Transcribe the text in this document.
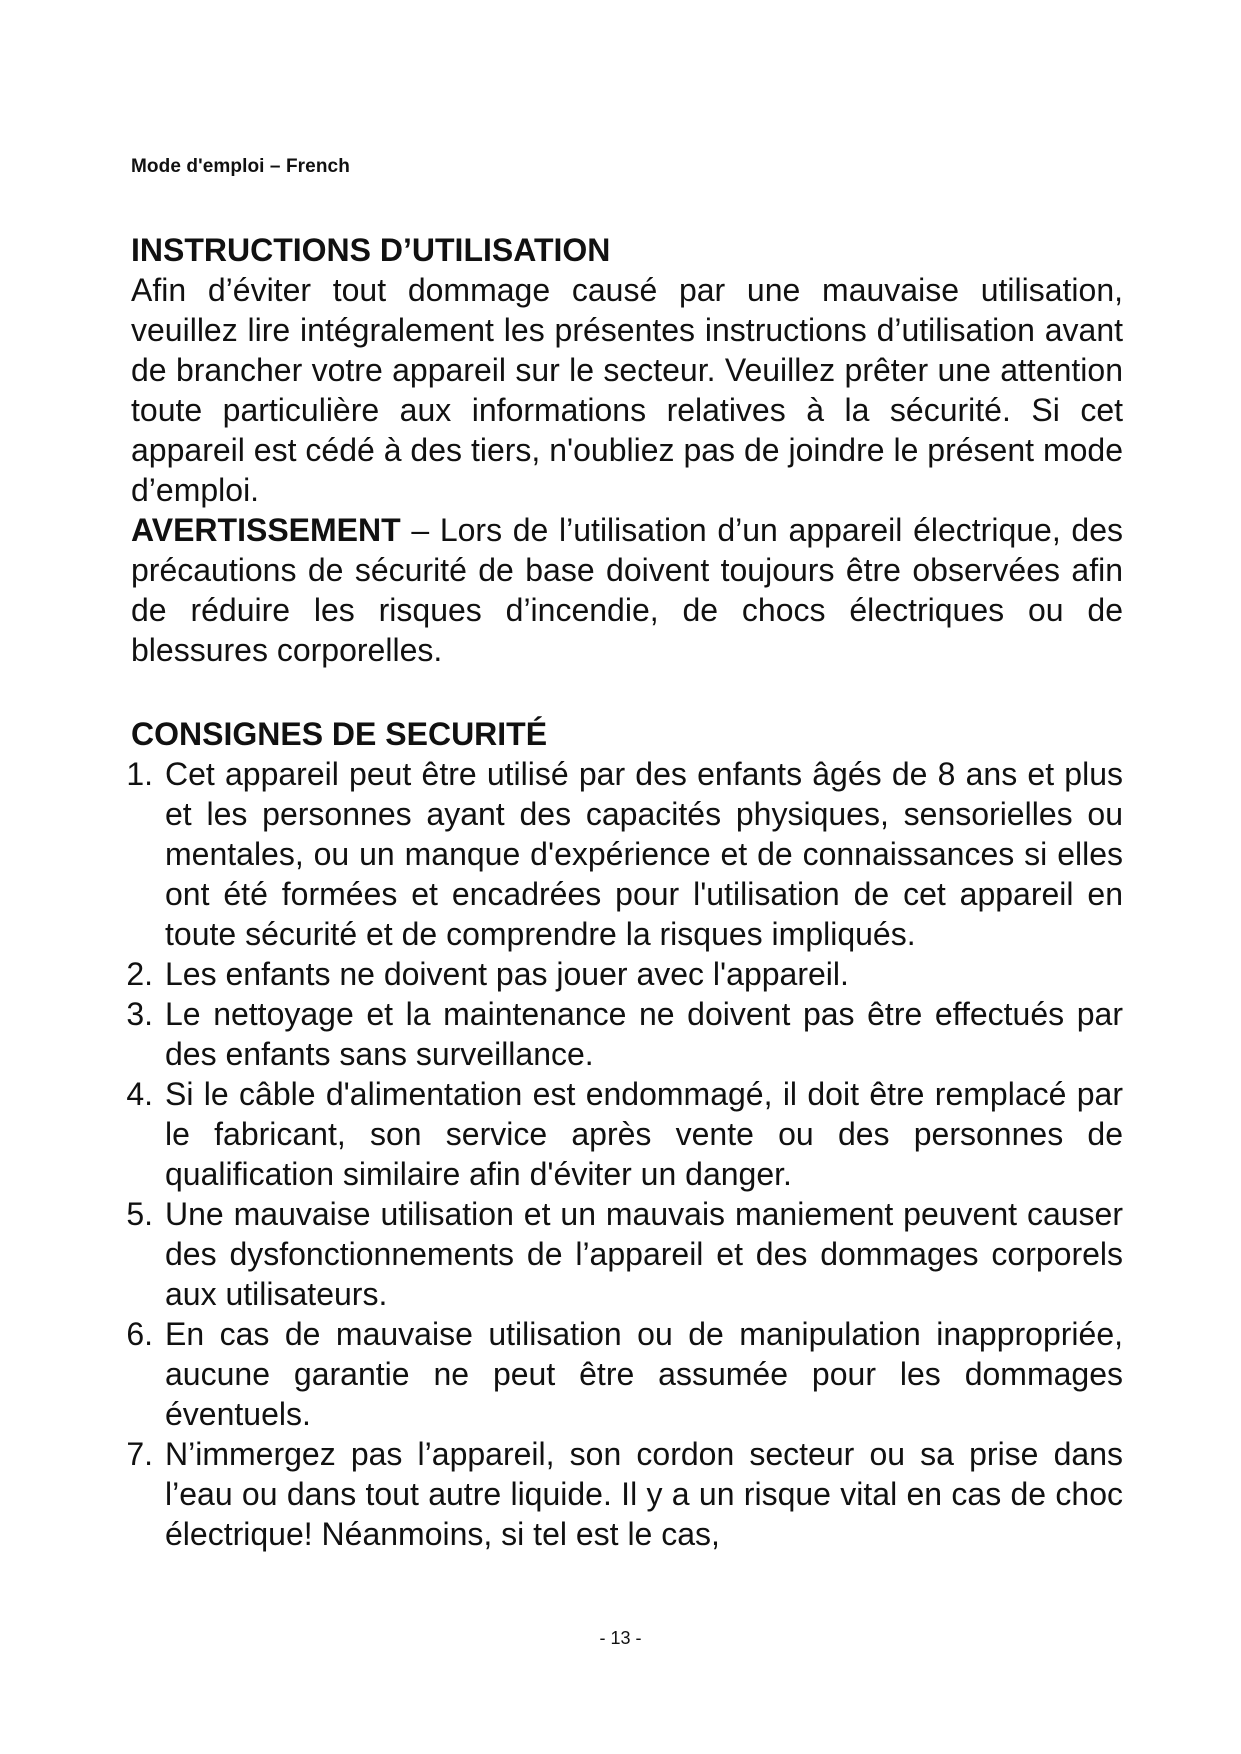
Mode d'emploi – French
INSTRUCTIONS D’UTILISATION

Afin d’éviter tout dommage causé par une mauvaise utilisation, veuillez lire intégralement les présentes instructions d’utilisation avant de brancher votre appareil sur le secteur. Veuillez prêter une attention toute particulière aux informations relatives à la sécurité. Si cet appareil est cédé à des tiers, n'oubliez pas de joindre le présent mode d’emploi.

AVERTISSEMENT – Lors de l’utilisation d’un appareil électrique, des précautions de sécurité de base doivent toujours être observées afin de réduire les risques d’incendie, de chocs électriques ou de blessures corporelles.

CONSIGNES DE SECURITÉ
1. Cet appareil peut être utilisé par des enfants âgés de 8 ans et plus et les personnes ayant des capacités physiques, sensorielles ou mentales, ou un manque d'expérience et de connaissances si elles ont été formées et encadrées pour l'utilisation de cet appareil en toute sécurité et de comprendre la risques impliqués.
2. Les enfants ne doivent pas jouer avec l'appareil.
3. Le nettoyage et la maintenance ne doivent pas être effectués par des enfants sans surveillance.
4. Si le câble d'alimentation est endommagé, il doit être remplacé par le fabricant, son service après vente ou des personnes de qualification similaire afin d'éviter un danger.
5. Une mauvaise utilisation et un mauvais maniement peuvent causer des dysfonctionnements de l’appareil et des dommages corporels aux utilisateurs.
6. En cas de mauvaise utilisation ou de manipulation inappropriée, aucune garantie ne peut être assumée pour les dommages éventuels.
7. N’immergez pas l’appareil, son cordon secteur ou sa prise dans l’eau ou dans tout autre liquide. Il y a un risque vital en cas de choc électrique! Néanmoins, si tel est le cas,
- 13 -
